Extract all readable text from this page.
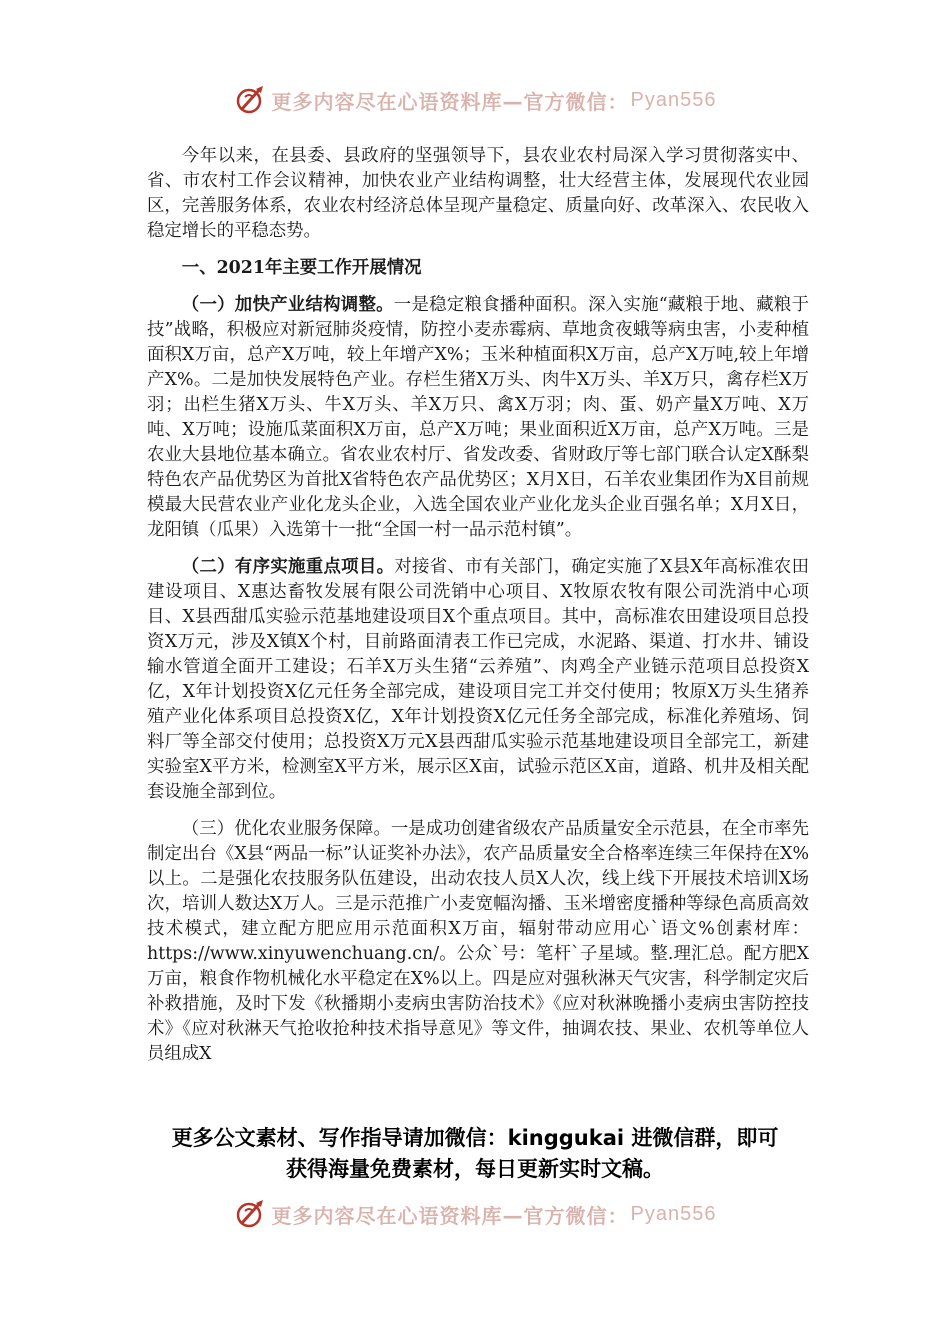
更多内容尽在心语资料库—官方微信： Pyan556

今年以来，在县委、县政府的坚强领导下，县农业农村局深入学习贯彻落实中、省、市农村工作会议精神，加快农业产业结构调整，壮大经营主体，发展现代农业园区，完善服务体系，农业农村经济总体呈现产量稳定、质量向好、改革深入、农民收入稳定增长的平稳态势。

一、2021年主要工作开展情况

（一）加快产业结构调整。一是稳定粮食播种面积。深入实施“藏粮于地、藏粮于技”战略，积极应对新冠肺炎疫情，防控小麦赤霉病、草地贪夜蛾等病虫害，小麦种植面积X万亩，总产X万吨，较上年增产X%；玉米种植面积X万亩，总产X万吨,较上年增产X%。二是加快发展特色产业。存栏生猪X万头、肉牛X万头、羊X万只，禽存栏X万羽；出栏生猪X万头、牛X万头、羊X万只、禽X万羽；肉、蛋、奶产量X万吨、X万吨、X万吨；设施瓜菜面积X万亩，总产X万吨；果业面积近X万亩，总产X万吨。三是农业大县地位基本确立。省农业农村厅、省发改委、省财政厅等七部门联合认定X酥梨特色农产品优势区为首批X省特色农产品优势区；X月X日，石羊农业集团作为X目前规模最大民营农业产业化龙头企业，入选全国农业产业化龙头企业百强名单；X月X日，龙阳镇（瓜果）入选第十一批“全国一村一品示范村镇”。

（二）有序实施重点项目。对接省、市有关部门，确定实施了X县X年高标准农田建设项目、X惠达畜牧发展有限公司洗销中心项目、X牧原农牧有限公司洗消中心项目、X县西甜瓜实验示范基地建设项目X个重点项目。其中，高标准农田建设项目总投资X万元，涉及X镇X个村，目前路面清表工作已完成，水泥路、渠道、打水井、铺设输水管道全面开工建设；石羊X万头生猪“云养殖”、肉鸡全产业链示范项目总投资X亿，X年计划投资X亿元任务全部完成，建设项目完工并交付使用；牧原X万头生猪养殖产业化体系项目总投资X亿，X年计划投资X亿元任务全部完成，标准化养殖场、饲料厂等全部交付使用；总投资X万元X县西甜瓜实验示范基地建设项目全部完工，新建实验室X平方米，检测室X平方米，展示区X亩，试验示范区X亩，道路、机井及相关配套设施全部到位。

（三）优化农业服务保障。一是成功创建省级农产品质量安全示范县，在全市率先制定出台《X县“两品一标”认证奖补办法》，农产品质量安全合格率连续三年保持在X%以上。二是强化农技服务队伍建设，出动农技人员X人次，线上线下开展技术培训X场次，培训人数达X万人。三是示范推广小麦宽幅沟播、玉米增密度播种等绿色高质高效技术模式，建立配方肥应用示范面积X万亩，辐射带动应用心`语文%创素材库：https://www.xinyuwenchuang.cn/。公众`号：笔杆`子星域。整.理汇总。配方肥X万亩，粮食作物机械化水平稳定在X%以上。四是应对强秋淋天气灾害，科学制定灾后补救措施，及时下发《秋播期小麦病虫害防治技术》《应对秋淋晚播小麦病虫害防控技术》《应对秋淋天气抢收抢种技术指导意见》等文件，抽调农技、果业、农机等单位人员组成X

更多公文素材、写作指导请加微信：kinggukai 进微信群，即可
获得海量免费素材，每日更新实时文稿。
更多内容尽在心语资料库—官方微信： Pyan556
